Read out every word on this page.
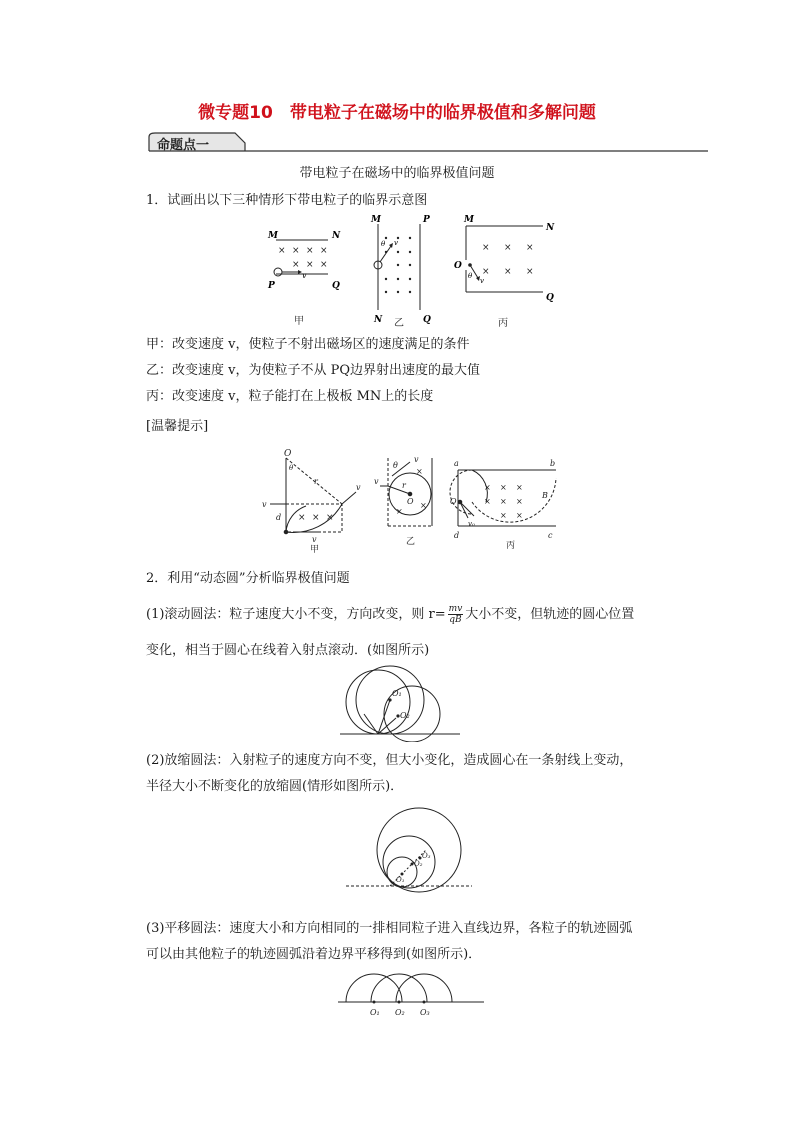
微专题10　带电粒子在磁场中的临界极值和多解问题
命题点一
带电粒子在磁场中的临界极值问题
1．试画出以下三种情形下带电粒子的临界示意图
× × × ×
× × ×
M	N
P	Q
v
M	P
N	Q
θ v	× × ×
× × ×
M
N
O
θ
v
Q
甲	乙	丙
甲：改变速度 v，使粒子不射出磁场区的速度满足的条件
乙：改变速度 v，为使粒子不从 PQ边界射出速度的最大值
丙：改变速度 v，粒子能打在上极板 MN上的长度
[温馨提示]
× × ×
O
θ
r
v
d
v
v
×
×
×
θ
v
r
O
v
× × ×
× × ×
× ×
a	b
O
B
v₀
d	c
甲
乙	丙
2．利用“动态圆”分析临界极值问题
(1)滚动圆法：粒子速度大小不变，方向改变，则 $r= \frac{mv}{qB}$ 大小不变，但轨迹的圆心位置
变化，相当于圆心在线着入射点滚动．(如图所示)
O₁
O₂
(2)放缩圆法：入射粒子的速度方向不变，但大小变化，造成圆心在一条射线上变动，
半径大小不断变化的放缩圆(情形如图所示)．
O₁
O₂
O₃
(3)平移圆法：速度大小和方向相同的一排相同粒子进入直线边界，各粒子的轨迹圆弧
可以由其他粒子的轨迹圆弧沿着边界平移得到(如图所示)．
O₁ O₂ O₃
